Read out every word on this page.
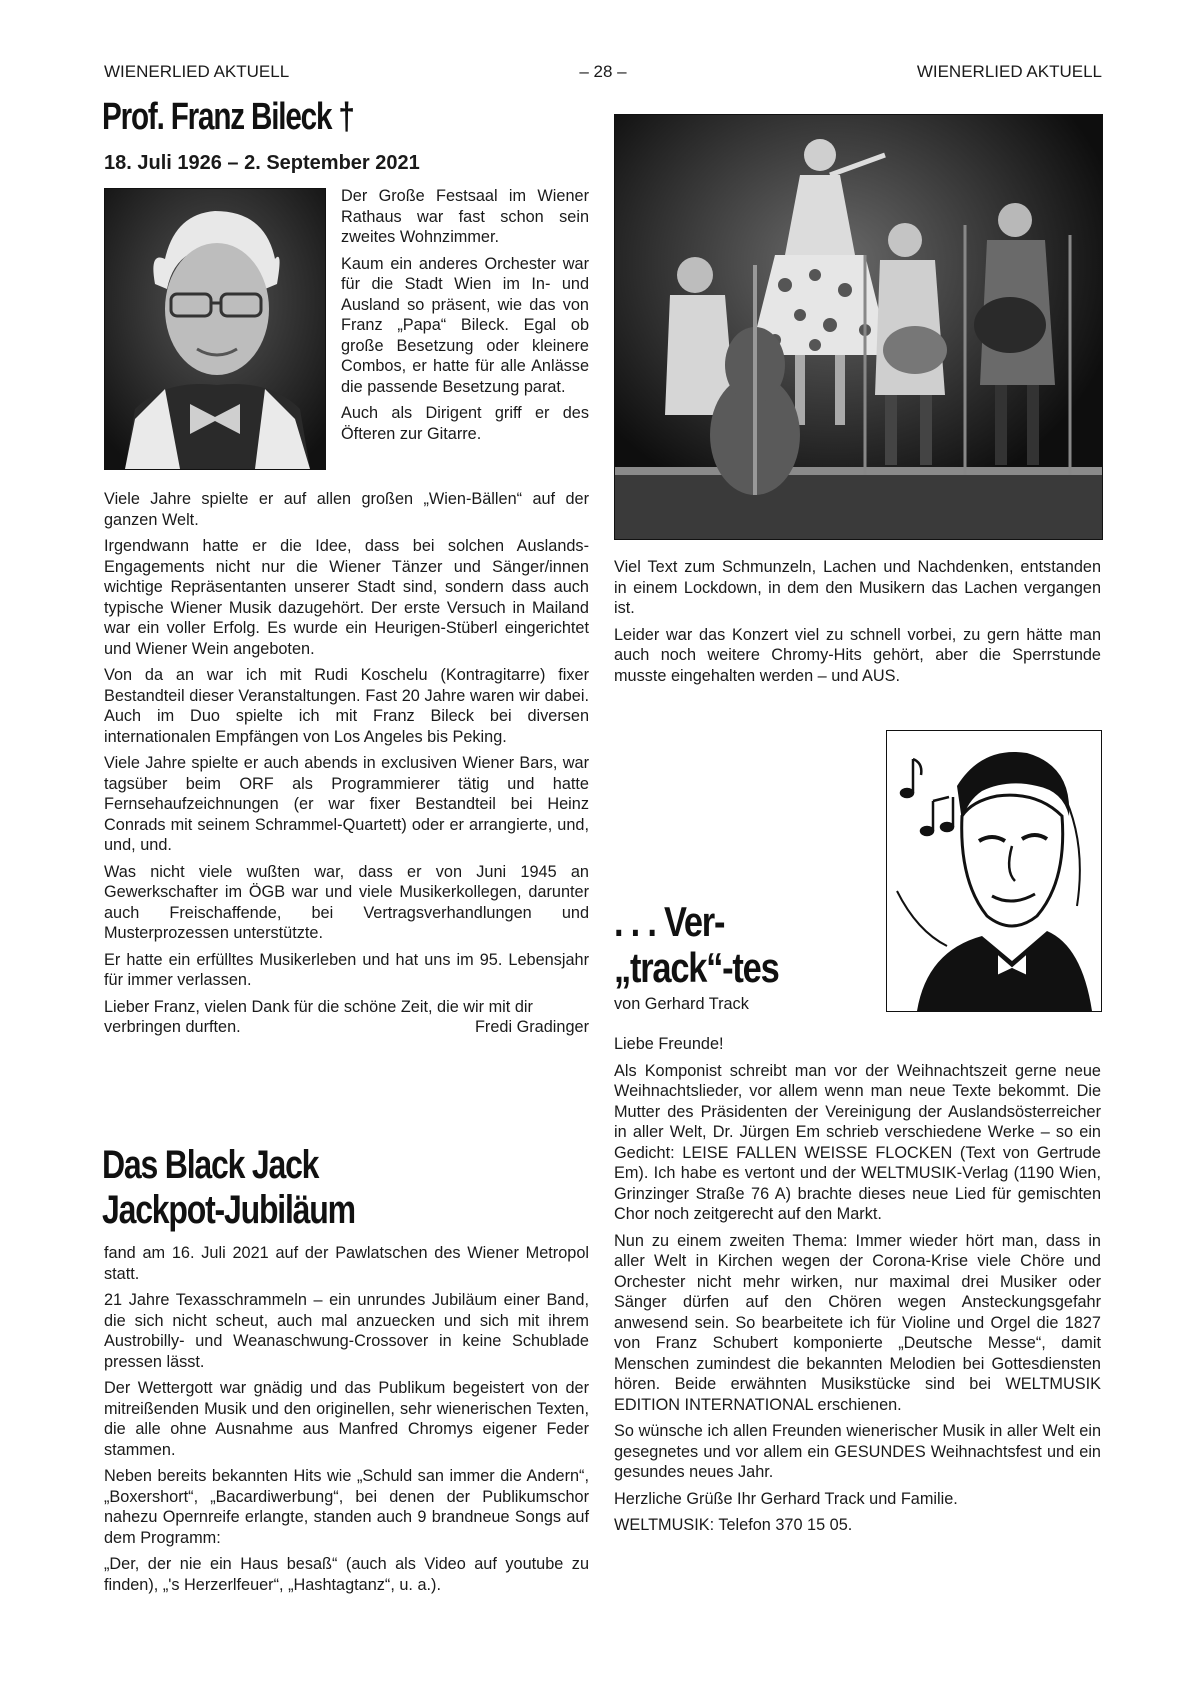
WIENERLIED AKTUELL	– 28 –	WIENERLIED AKTUELL
Prof. Franz Bileck †
18. Juli 1926 – 2. September 2021

Der Große Festsaal im Wiener Rathaus war fast schon sein zweites Wohnzimmer.

Kaum ein anderes Orchester war für die Stadt Wien im In- und Ausland so präsent, wie das von Franz „Papa“ Bileck. Egal ob große Besetzung oder kleinere Combos, er hatte für alle Anlässe die passende Besetzung parat.

Auch als Dirigent griff er des Öfteren zur Gitarre.

Viele Jahre spielte er auf allen großen „Wien-Bällen“ auf der ganzen Welt.

Irgendwann hatte er die Idee, dass bei solchen Auslands-Engagements nicht nur die Wiener Tänzer und Sänger/innen wichtige Repräsentanten unserer Stadt sind, sondern dass auch typische Wiener Musik dazugehört. Der erste Versuch in Mailand war ein voller Erfolg. Es wurde ein Heurigen-Stüberl eingerichtet und Wiener Wein angeboten.

Von da an war ich mit Rudi Koschelu (Kontragitarre) fixer Bestandteil dieser Veranstaltungen. Fast 20 Jahre waren wir dabei. Auch im Duo spielte ich mit Franz Bileck bei diversen internationalen Empfängen von Los Angeles bis Peking.

Viele Jahre spielte er auch abends in exclusiven Wiener Bars, war tagsüber beim ORF als Programmierer tätig und hatte Fernsehaufzeichnungen (er war fixer Bestandteil bei Heinz Conrads mit seinem Schrammel-Quartett) oder er arrangierte, und, und, und.

Was nicht viele wußten war, dass er von Juni 1945 an Gewerkschafter im ÖGB war und viele Musikerkollegen, darunter auch Freischaffende, bei Vertragsverhandlungen und Musterprozessen unterstützte.

Er hatte ein erfülltes Musikerleben und hat uns im 95. Lebensjahr für immer verlassen.

Lieber Franz, vielen Dank für die schöne Zeit, die wir mit dir verbringen durften.	Fredi Gradinger

Das Black Jack
Jackpot-Jubiläum

fand am 16. Juli 2021 auf der Pawlatschen des Wiener Metropol statt.

21 Jahre Texasschrammeln – ein unrundes Jubiläum einer Band, die sich nicht scheut, auch mal anzuecken und sich mit ihrem Austrobilly- und Weanaschwung-Crossover in keine Schublade pressen lässt.

Der Wettergott war gnädig und das Publikum begeistert von der mitreißenden Musik und den originellen, sehr wienerischen Texten, die alle ohne Ausnahme aus Manfred Chromys eigener Feder stammen.

Neben bereits bekannten Hits wie „Schuld san immer die Andern“, „Boxershort“, „Bacardiwerbung“, bei denen der Publikumschor nahezu Opernreife erlangte, standen auch 9 brandneue Songs auf dem Programm:

„Der, der nie ein Haus besaß“ (auch als Video auf youtube zu finden), „'s Herzerlfeuer“, „Hashtagtanz“, u. a.).

Viel Text zum Schmunzeln, Lachen und Nachdenken, entstanden in einem Lockdown, in dem den Musikern das Lachen vergangen ist.

Leider war das Konzert viel zu schnell vorbei, zu gern hätte man auch noch weitere Chromy-Hits gehört, aber die Sperrstunde musste eingehalten werden – und AUS.

. . . Ver-
„track“-tes
von Gerhard Track

Liebe Freunde!

Als Komponist schreibt man vor der Weihnachtszeit gerne neue Weihnachtslieder, vor allem wenn man neue Texte bekommt. Die Mutter des Präsidenten der Vereinigung der Auslandsösterreicher in aller Welt, Dr. Jürgen Em schrieb verschiedene Werke – so ein Gedicht: LEISE FALLEN WEISSE FLOCKEN (Text von Gertrude Em). Ich habe es vertont und der WELTMUSIK-Verlag (1190 Wien, Grinzinger Straße 76 A) brachte dieses neue Lied für gemischten Chor noch zeitgerecht auf den Markt.

Nun zu einem zweiten Thema: Immer wieder hört man, dass in aller Welt in Kirchen wegen der Corona-Krise viele Chöre und Orchester nicht mehr wirken, nur maximal drei Musiker oder Sänger dürfen auf den Chören wegen Ansteckungsgefahr anwesend sein. So bearbeitete ich für Violine und Orgel die 1827 von Franz Schubert komponierte „Deutsche Messe“, damit Menschen zumindest die bekannten Melodien bei Gottesdiensten hören. Beide erwähnten Musikstücke sind bei WELTMUSIK EDITION INTERNATIONAL erschienen.

So wünsche ich allen Freunden wienerischer Musik in aller Welt ein gesegnetes und vor allem ein GESUNDES Weihnachtsfest und ein gesundes neues Jahr.

Herzliche Grüße Ihr Gerhard Track und Familie.

WELTMUSIK: Telefon 370 15 05.
